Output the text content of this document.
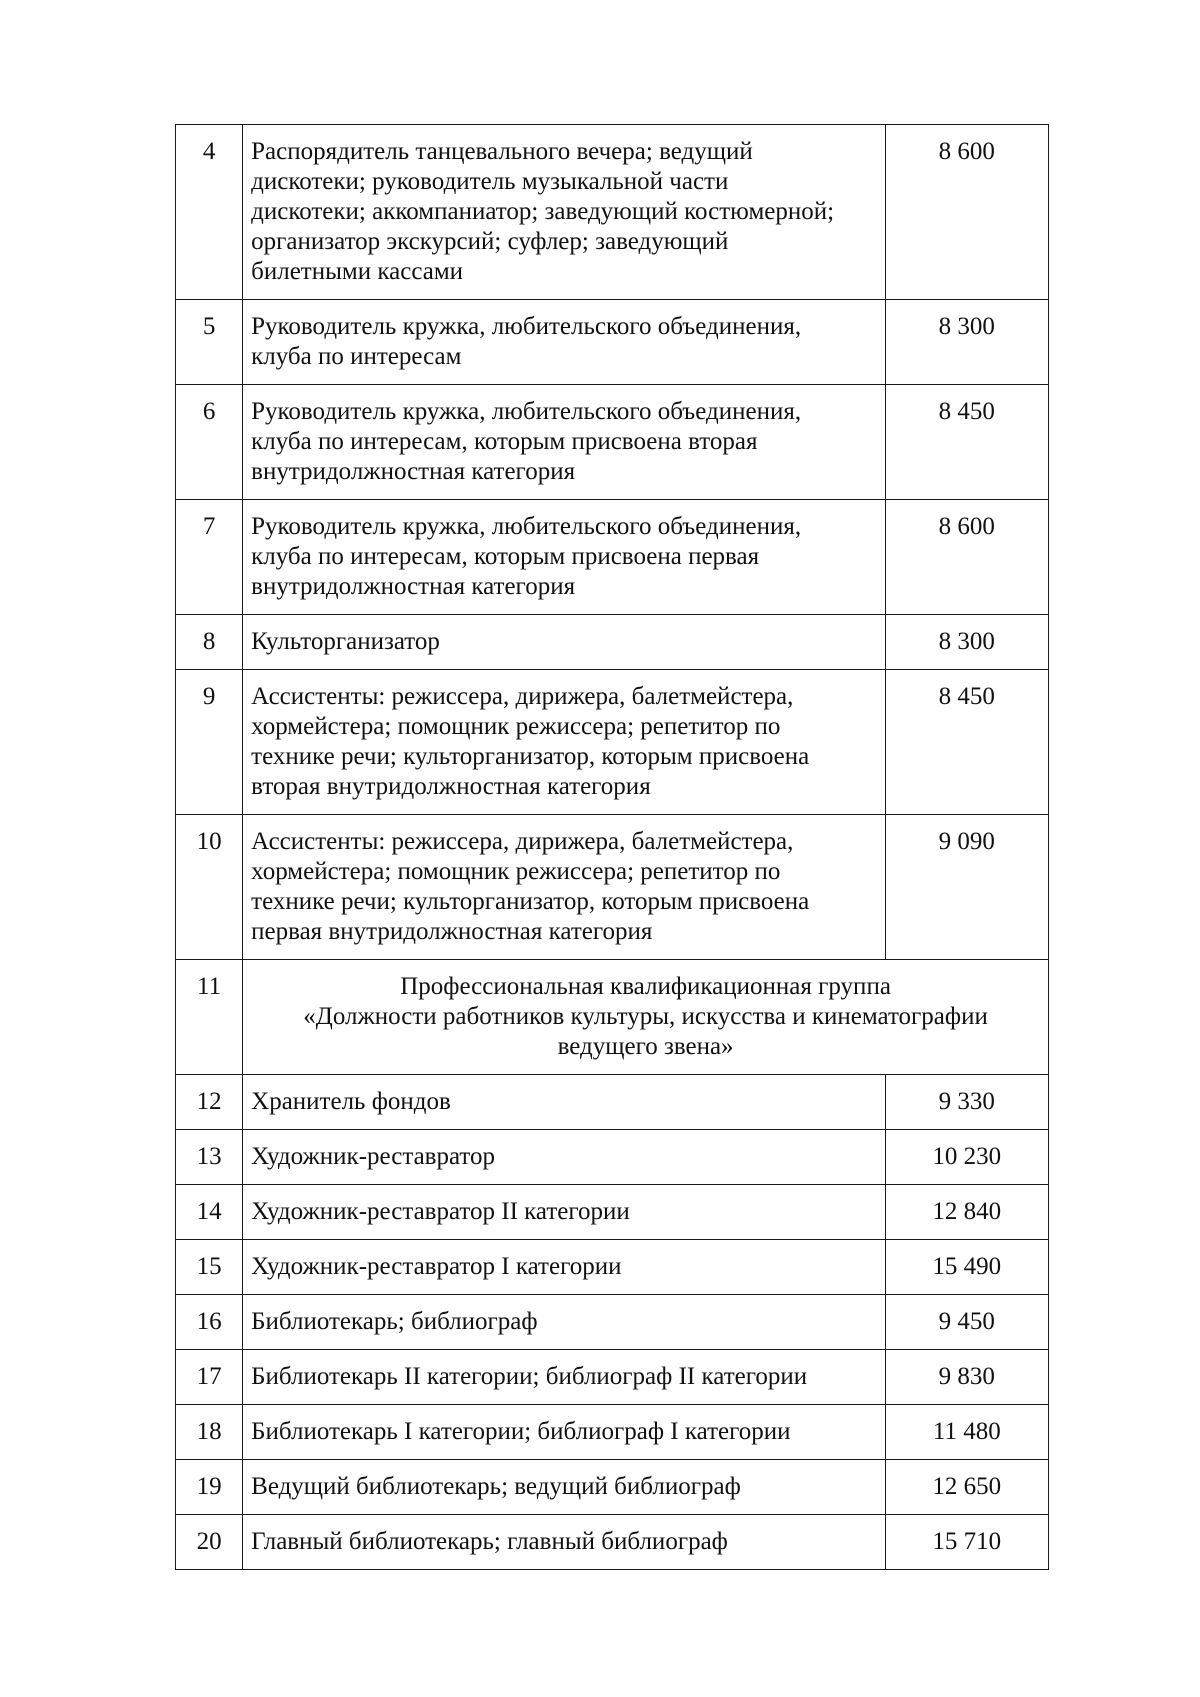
4	Распорядитель танцевального вечера; ведущий
дискотеки; руководитель музыкальной части
дискотеки; аккомпаниатор; заведующий костюмерной;
организатор экскурсий; суфлер; заведующий
билетными кассами	8 600
5	Руководитель кружка, любительского объединения,
клуба по интересам	8 300
6	Руководитель кружка, любительского объединения,
клуба по интересам, которым присвоена вторая
внутридолжностная категория	8 450
7	Руководитель кружка, любительского объединения,
клуба по интересам, которым присвоена первая
внутридолжностная категория	8 600
8	Культорганизатор	8 300
9	Ассистенты: режиссера, дирижера, балетмейстера,
хормейстера; помощник режиссера; репетитор по
технике речи; культорганизатор, которым присвоена
вторая внутридолжностная категория	8 450
10	Ассистенты: режиссера, дирижера, балетмейстера,
хормейстера; помощник режиссера; репетитор по
технике речи; культорганизатор, которым присвоена
первая внутридолжностная категория	9 090
11	Профессиональная квалификационная группа
«Должности работников культуры, искусства и кинематографии
ведущего звена»	

12	Хранитель фондов	9 330
13	Художник-реставратор	10 230
14	Художник-реставратор II категории	12 840
15	Художник-реставратор I категории	15 490
16	Библиотекарь; библиограф	9 450
17	Библиотекарь II категории; библиограф II категории	9 830
18	Библиотекарь I категории; библиограф I категории	11 480
19	Ведущий библиотекарь; ведущий библиограф	12 650
20	Главный библиотекарь; главный библиограф	15 710
